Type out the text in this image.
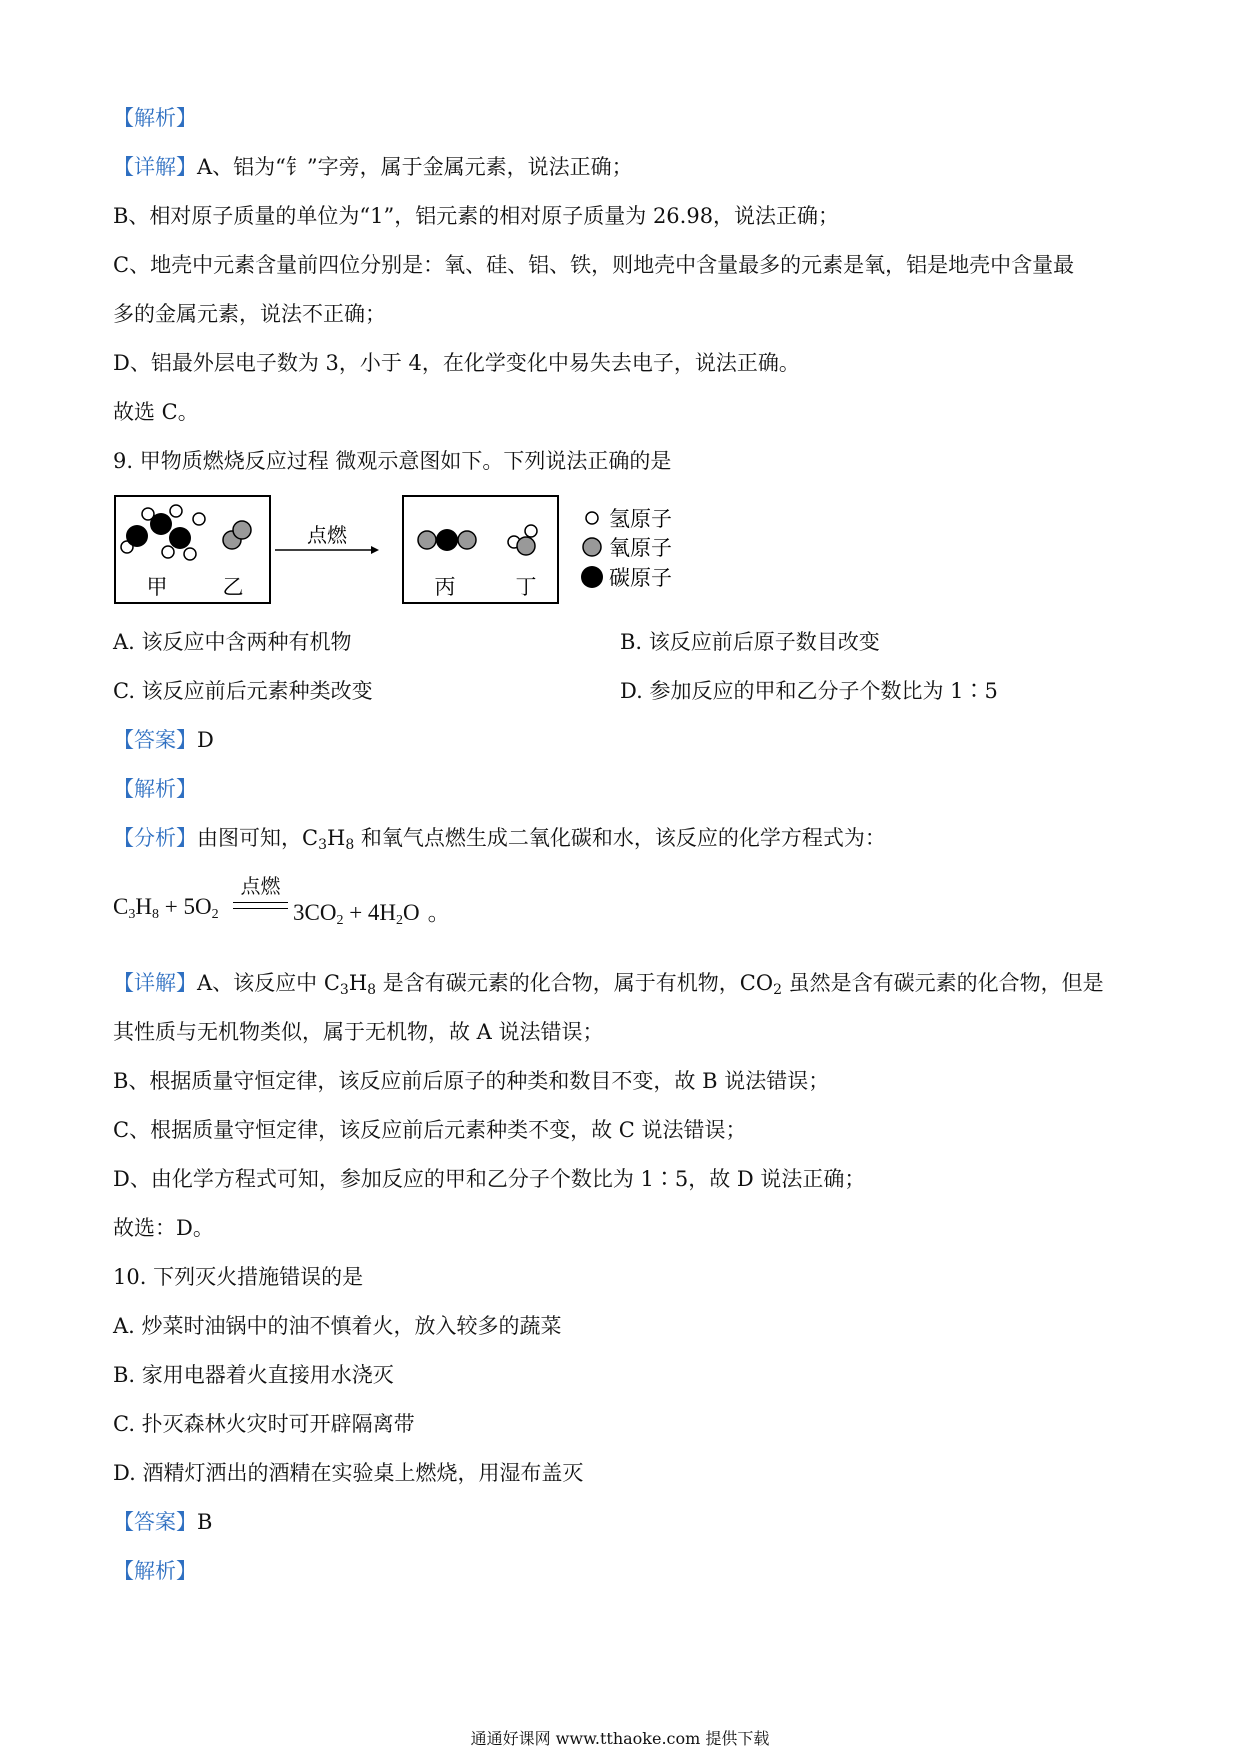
【解析】
【详解】A、铝为“钅”字旁，属于金属元素，说法正确；
B、相对原子质量的单位为“1”，铝元素的相对原子质量为 26.98，说法正确；
C、地壳中元素含量前四位分别是：氧、硅、铝、铁，则地壳中含量最多的元素是氧，铝是地壳中含量最
多的金属元素，说法不正确；
D、铝最外层电子数为 3，小于 4，在化学变化中易失去电子，说法正确。
故选 C。
9. 甲物质燃烧反应过程 微观示意图如下。下列说法正确的是
甲	乙
点燃
丙	丁
氢原子
氧原子
碳原子
A. 该反应中含两种有机物	B. 该反应前后原子数目改变
C. 该反应前后元素种类改变	D. 参加反应的甲和乙分子个数比为 1∶5
【答案】D
【解析】
【分析】由图可知，$C_3H_8$ 和氧气点燃生成二氧化碳和水，该反应的化学方程式为：
$C_3H_8 + 5O_2$
点燃
$3CO_2 + 4H_2O$ 。
【详解】A、该反应中 $C_3H_8$ 是含有碳元素的化合物，属于有机物，$CO_2$ 虽然是含有碳元素的化合物，但是
其性质与无机物类似，属于无机物，故 A 说法错误；
B、根据质量守恒定律，该反应前后原子的种类和数目不变，故 B 说法错误；
C、根据质量守恒定律，该反应前后元素种类不变，故 C 说法错误；
D、由化学方程式可知，参加反应的甲和乙分子个数比为 1∶5，故 D 说法正确；
故选：D。
10. 下列灭火措施错误的是
A. 炒菜时油锅中的油不慎着火，放入较多的蔬菜
B. 家用电器着火直接用水浇灭
C. 扑灭森林火灾时可开辟隔离带
D. 酒精灯洒出的酒精在实验桌上燃烧，用湿布盖灭
【答案】B
【解析】
通通好课网 www.tthaoke.com 提供下载
